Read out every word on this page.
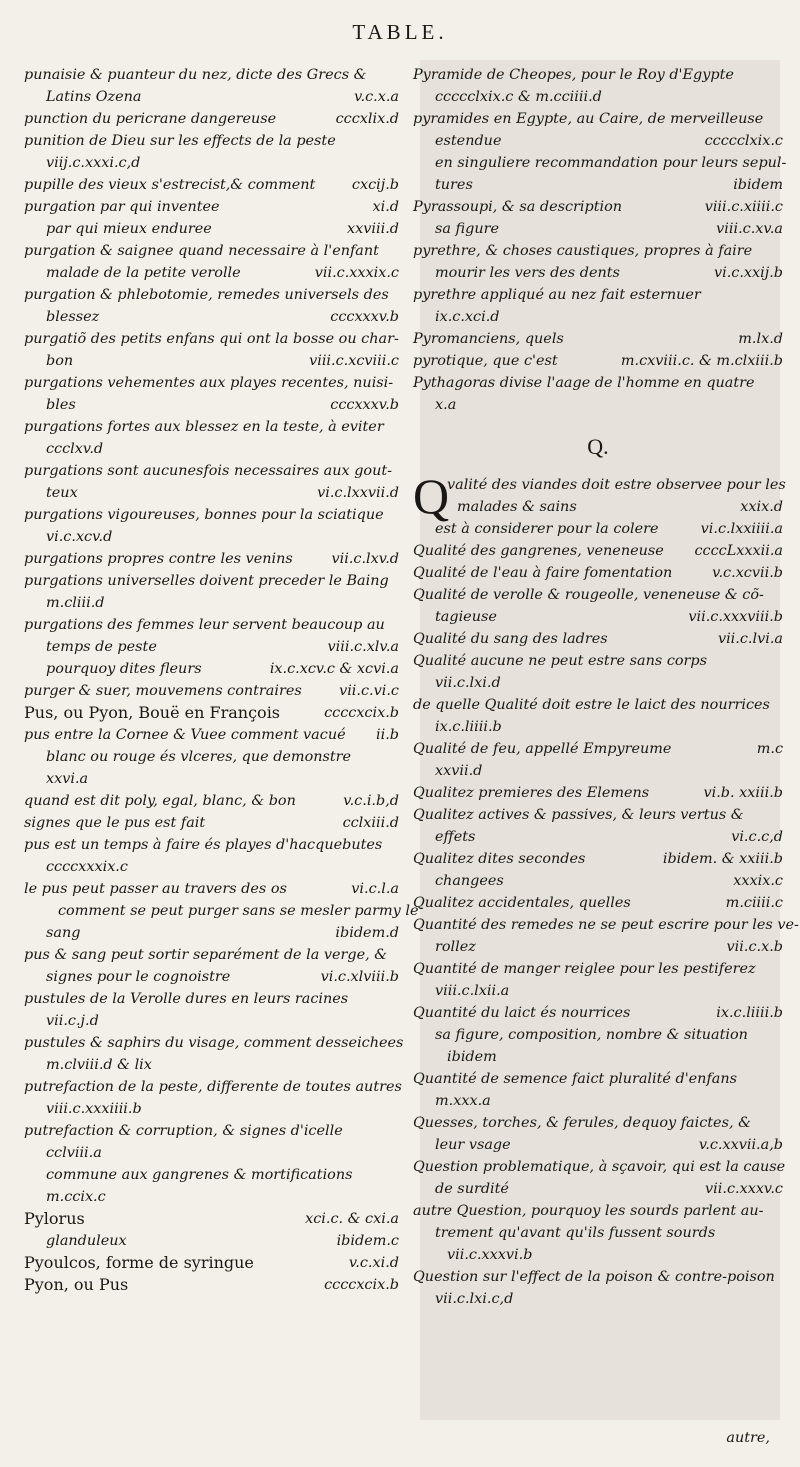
TABLE.
punaisie & puanteur du nez, dicte des Grecs &
Latins Ozena	v.c.x.a
punction du pericrane dangereuse	cccxlix.d
punition de Dieu sur les effects de la peste
viij.c.xxxi.c,d
pupille des vieux s'estrecist,& comment	cxcij.b
purgation par qui inventee	xi.d
par qui mieux enduree	xxviii.d
purgation & saignee quand necessaire à l'enfant
malade de la petite verolle	vii.c.xxxix.c
purgation & phlebotomie, remedes universels des
blessez	cccxxxv.b
purgatiõ des petits enfans qui ont la bosse ou char-
bon	viii.c.xcviii.c
purgations vehementes aux playes recentes, nuisi-
bles	cccxxxv.b
purgations fortes aux blessez en la teste, à eviter
ccclxv.d
purgations sont aucunesfois necessaires aux gout-
teux	vi.c.lxxvii.d
purgations vigoureuses, bonnes pour la sciatique
vi.c.xcv.d
purgations propres contre les venins	vii.c.lxv.d
purgations universelles doivent preceder le Baing
m.cliii.d
purgations des femmes leur servent beaucoup au
temps de peste	viii.c.xlv.a
pourquoy dites fleurs	ix.c.xcv.c & xcvi.a
purger & suer, mouvemens contraires	vii.c.vi.c
Pus, ou Pyon, Bouë en François	ccccxcix.b
pus entre la Cornee & Vuee comment vacué ii.b
blanc ou rouge és vlceres, que demonstre
xxvi.a
quand est dit poly, egal, blanc, & bon	v.c.i.b,d
signes que le pus est fait	cclxiii.d
pus est un temps à faire és playes d'hacquebutes
ccccxxxix.c
le pus peut passer au travers des os	vi.c.l.a
comment se peut purger sans se mesler parmy le
sang	ibidem.d
pus & sang peut sortir separément de la verge, &
signes pour le cognoistre	vi.c.xlviii.b
pustules de la Verolle dures en leurs racines
vii.c.j.d
pustules & saphirs du visage, comment desseichees
m.clviii.d & lix
putrefaction de la peste, differente de toutes autres
viii.c.xxxiiii.b
putrefaction & corruption, & signes d'icelle
cclviii.a
commune aux gangrenes & mortifications
m.ccix.c
Pylorus	xci.c. & cxi.a
glanduleux	ibidem.c
Pyoulcos, forme de syringue	v.c.xi.d
Pyon, ou Pus	ccccxcix.b
Pyramide de Cheopes, pour le Roy d'Egypte
ccccclxix.c & m.cciiii.d
pyramides en Egypte, au Caire, de merveilleuse
estendue	ccccclxix.c
en singuliere recommandation pour leurs sepul-
tures	ibidem
Pyrassoupi, & sa description	viii.c.xiiii.c
sa figure	viii.c.xv.a
pyrethre, & choses caustiques, propres à faire
mourir les vers des dents	vi.c.xxij.b
pyrethre appliqué au nez fait esternuer
ix.c.xci.d
Pyromanciens, quels	m.lx.d
pyrotique, que c'est	m.cxviii.c. & m.clxiii.b
Pythagoras divise l'aage de l'homme en quatre
x.a
Q.
Q
valité des viandes doit estre observee pour les
malades & sains	xxix.d
est à considerer pour la colere	vi.c.lxxiiii.a
Qualité des gangrenes, veneneuse ccccLxxxii.a
Qualité de l'eau à faire fomentation	v.c.xcvii.b
Qualité de verolle & rougeolle, veneneuse & cõ-
tagieuse	vii.c.xxxviii.b
Qualité du sang des ladres	vii.c.lvi.a
Qualité aucune ne peut estre sans corps
vii.c.lxi.d
de quelle Qualité doit estre le laict des nourrices
ix.c.liiii.b
Qualité de feu, appellé Empyreume	m.c
xxvii.d
Qualitez premieres des Elemens	vi.b. xxiii.b
Qualitez actives & passives, & leurs vertus &
effets	vi.c.c,d
Qualitez dites secondes	ibidem. & xxiii.b
changees	xxxix.c
Qualitez accidentales, quelles	m.ciiii.c
Quantité des remedes ne se peut escrire pour les ve-
rollez	vii.c.x.b
Quantité de manger reiglee pour les pestiferez
viii.c.lxii.a
Quantité du laict és nourrices	ix.c.liiii.b
sa figure, composition, nombre & situation
ibidem
Quantité de semence faict pluralité d'enfans
m.xxx.a
Quesses, torches, & ferules, dequoy faictes, &
leur vsage	v.c.xxvii.a,b
Question problematique, à sçavoir, qui est la cause
de surdité	vii.c.xxxv.c
autre Question, pourquoy les sourds parlent au-
trement qu'avant qu'ils fussent sourds
vii.c.xxxvi.b
Question sur l'effect de la poison & contre-poison
vii.c.lxi.c,d
autre,
